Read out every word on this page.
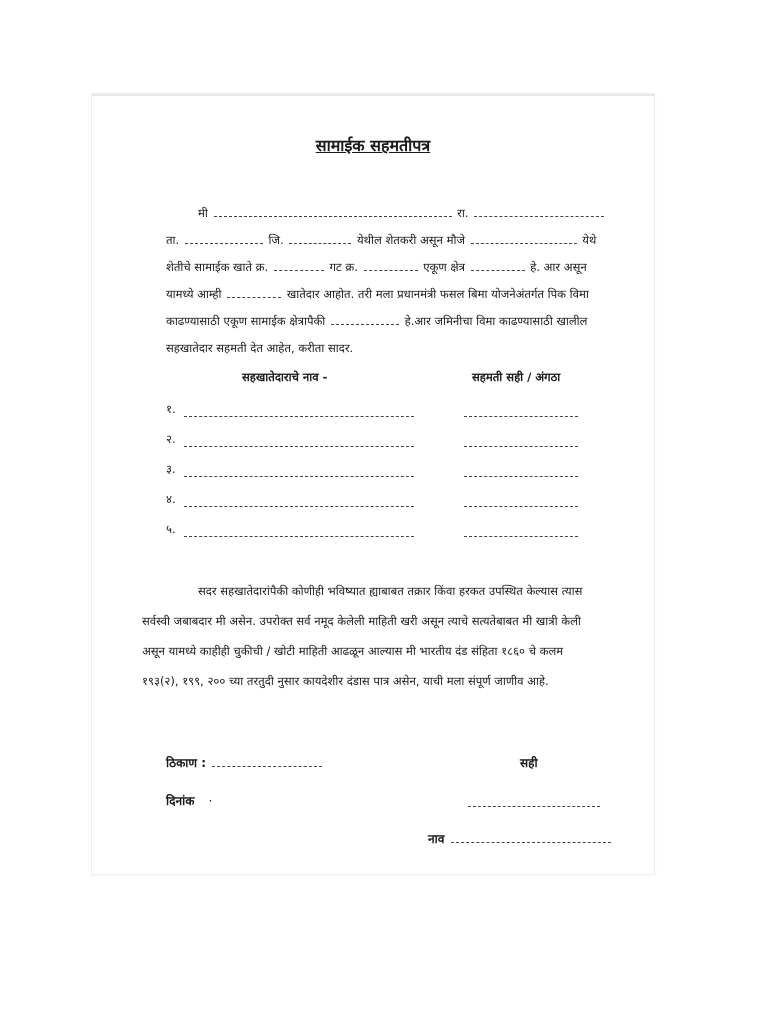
सामाईक सहमतीपत्र
मी	रा.
ता.	जि.	येथील शेतकरी असून मौजे	येथे
शेतीचे सामाईक खाते क्र.	गट क्र.	एकूण क्षेत्र	हे. आर असून
यामध्ये आम्ही	खातेदार आहोत. तरी मला प्रधानमंत्री फसल बिमा योजनेअंतर्गत पिक विमा
काढण्यासाठी एकूण सामाईक क्षेत्रापैकी	हे.आर जमिनीचा विमा काढण्यासाठी खालील
सहखातेदार सहमती देत आहेत, करीता सादर.
सहखातेदाराचे नाव -	सहमती सही / अंगठा
१.
२.
३.
४.
५.
सदर सहखातेदारांपैकी कोणीही भविष्यात ह्याबाबत तक्रार किंवा हरकत उपस्थित केल्यास त्यास
सर्वस्वी जबाबदार मी असेन. उपरोक्त सर्व नमूद केलेली माहिती खरी असून त्याचे सत्यतेबाबत मी खात्री केली
असून यामध्ये काहीही चुकीची / खोटी माहिती आढळून आल्यास मी भारतीय दंड संहिता १८६० चे कलम
१९३(२), १९९, २०० च्या तरतुदी नुसार कायदेशीर दंडास पात्र असेन, याची मला संपूर्ण जाणीव आहे.
ठिकाण :	सही
दिनांक ·
नाव
